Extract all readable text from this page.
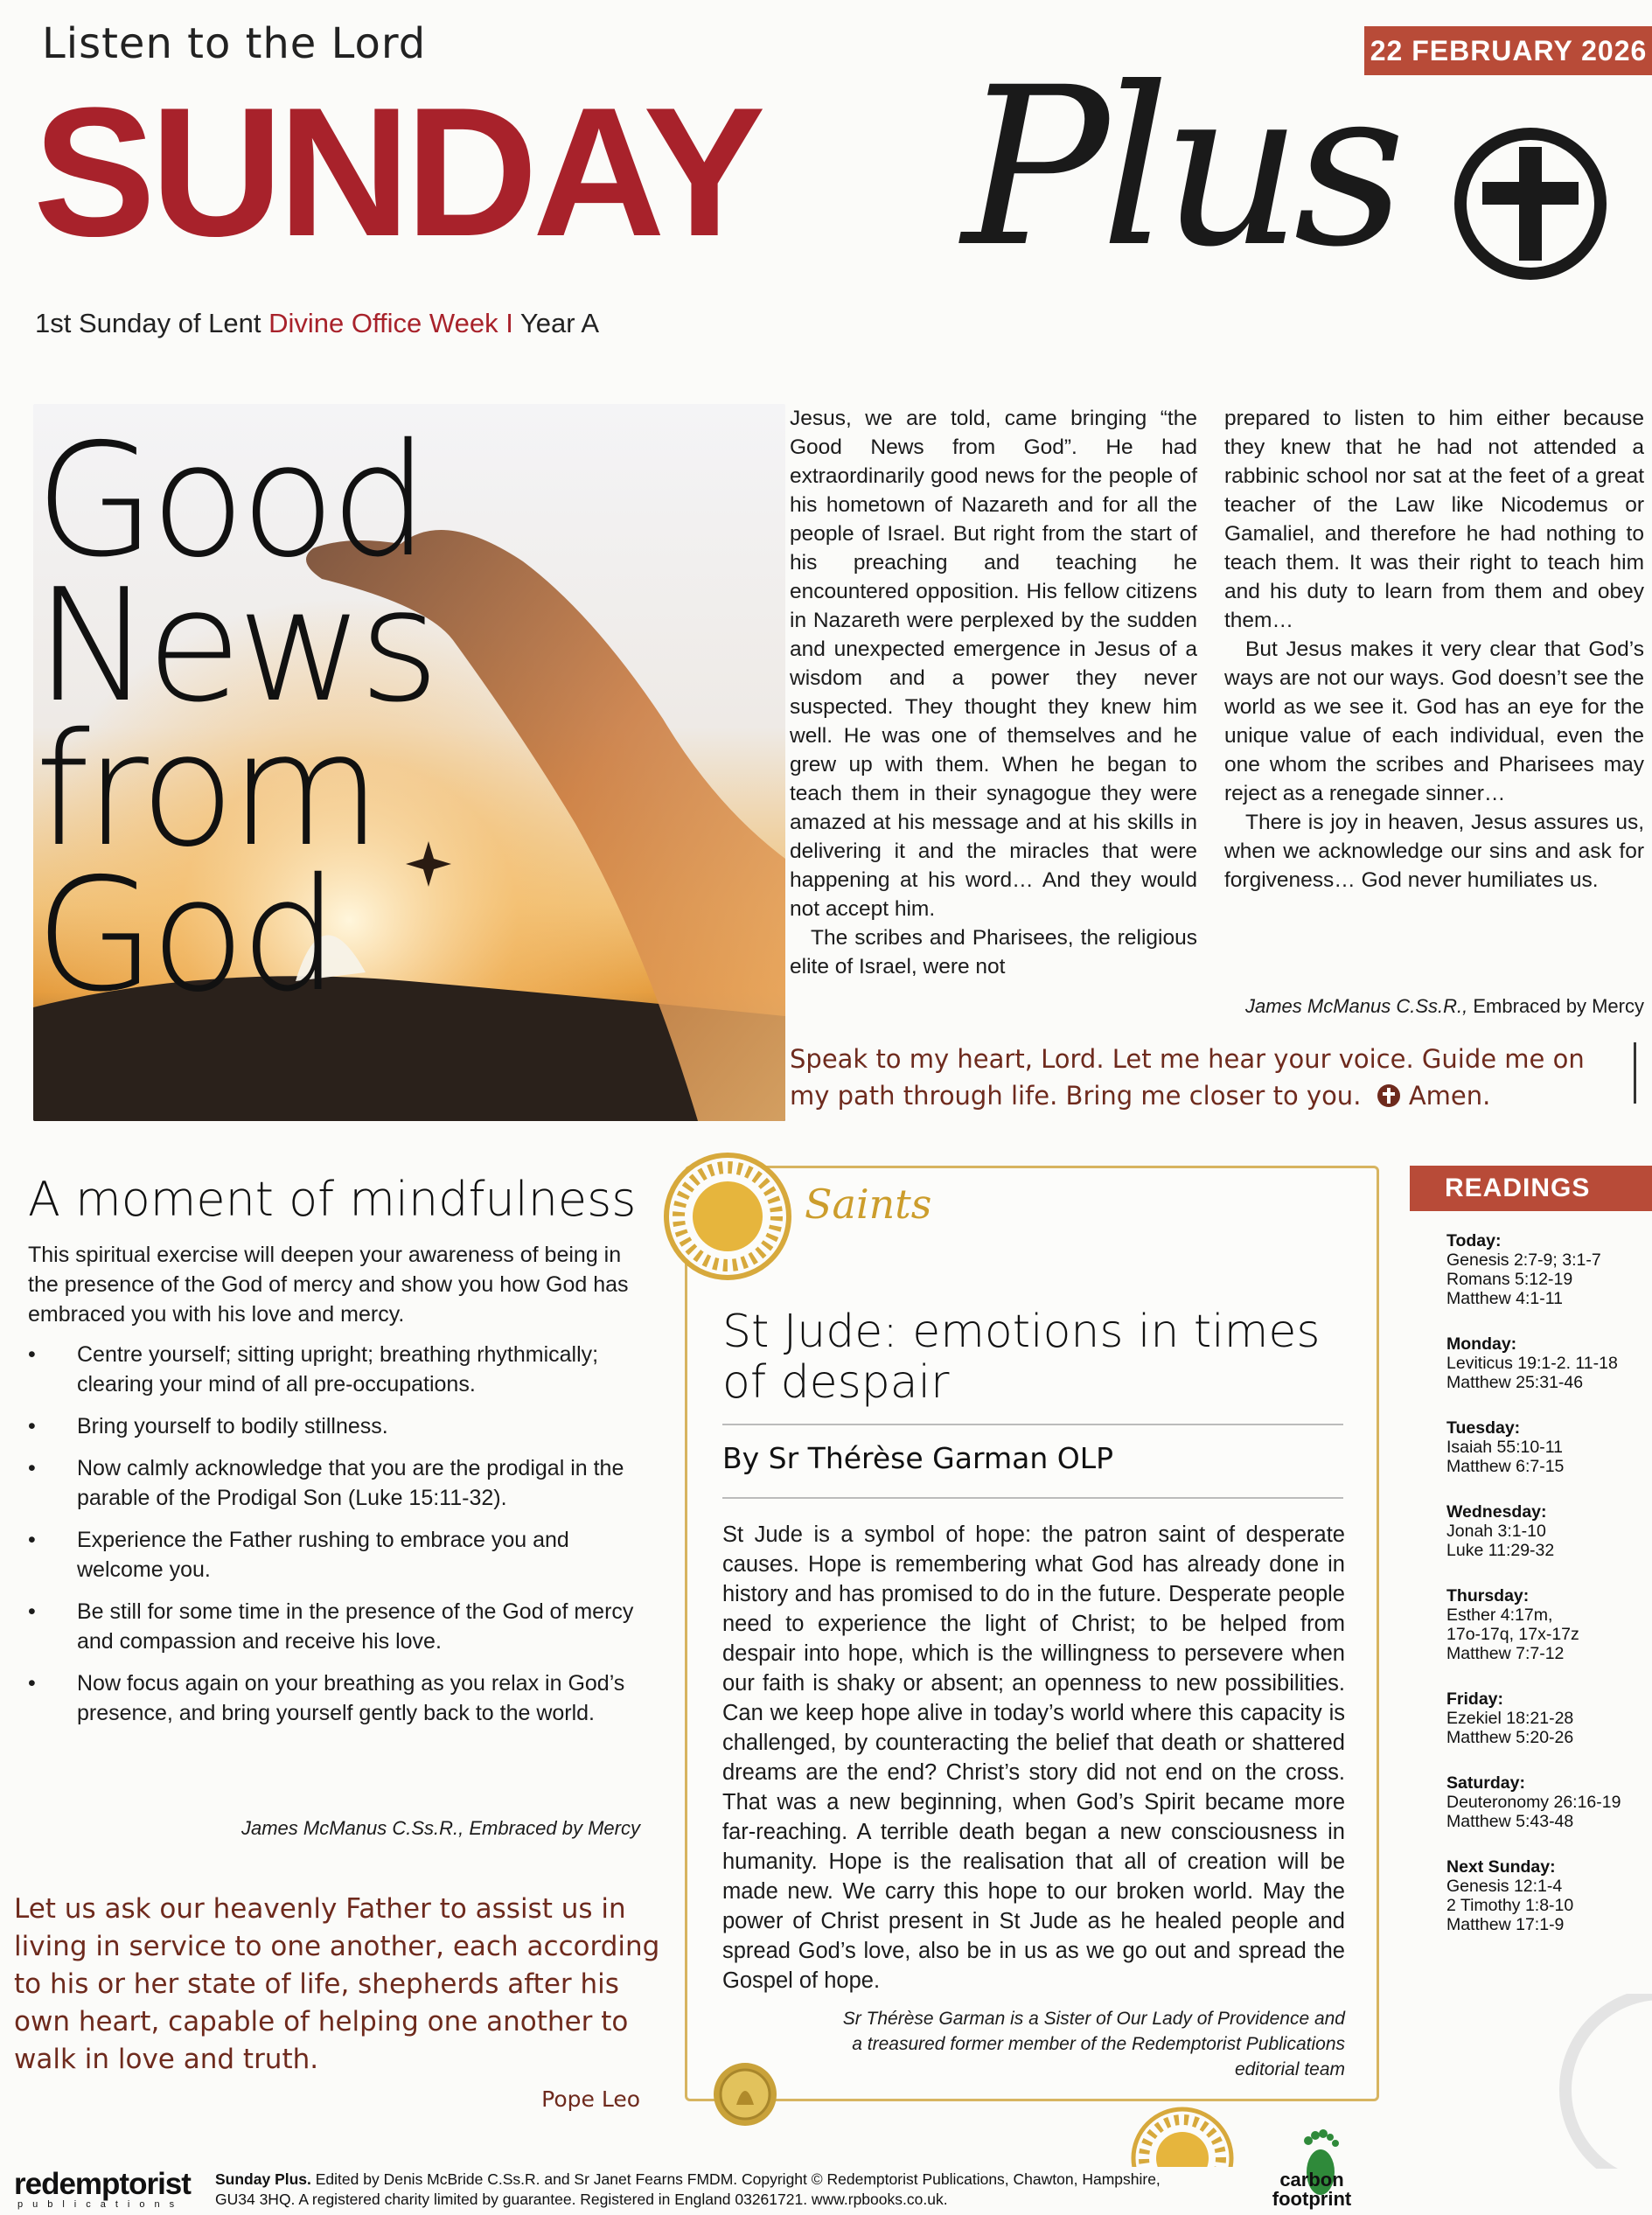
Listen to the Lord	22 FEBRUARY 2026
SUNDAY Plus
1st Sunday of Lent Divine Office Week I Year A
Good
News
from
God

Jesus, we are told, came bringing “the Good News from God”. He had extraordinarily good news for the people of his hometown of Nazareth and for all the people of Israel. But right from the start of his preaching and teaching he encountered opposition. His fellow citizens in Nazareth were perplexed by the sudden and unexpected emergence in Jesus of a wisdom and a power they never suspected. They thought they knew him well. He was one of themselves and he grew up with them. When he began to teach them in their synagogue they were amazed at his message and at his skills in delivering it and the miracles that were happening at his word… And they would not accept him.

The scribes and Pharisees, the religious elite of Israel, were not

prepared to listen to him either because they knew that he had not attended a rabbinic school nor sat at the feet of a great teacher of the Law like Nicodemus or Gamaliel, and therefore he had nothing to teach them. It was their right to teach him and his duty to learn from them and obey them…

But Jesus makes it very clear that God’s ways are not our ways. God doesn’t see the world as we see it. God has an eye for the unique value of each individual, even the one whom the scribes and Pharisees may reject as a renegade sinner…

There is joy in heaven, Jesus assures us, when we acknowledge our sins and ask for forgiveness… God never humiliates us.

James McManus C.Ss.R., Embraced by Mercy
Speak to my heart, Lord. Let me hear your voice. Guide me on my path through life. Bring me closer to you.  Amen.
A moment of mindfulness
This spiritual exercise will deepen your awareness of being in the presence of the God of mercy and show you how God has embraced you with his love and mercy.
• Centre yourself; sitting upright; breathing rhythmically; clearing your mind of all pre-occupations.
• Bring yourself to bodily stillness.
• Now calmly acknowledge that you are the prodigal in the parable of the Prodigal Son (Luke 15:11-32).
• Experience the Father rushing to embrace you and welcome you.
• Be still for some time in the presence of the God of mercy and compassion and receive his love.
• Now focus again on your breathing as you relax in God’s presence, and bring yourself gently back to the world.
James McManus C.Ss.R., Embraced by Mercy
Let us ask our heavenly Father to assist us in living in service to one another, each according to his or her state of life, shepherds after his own heart, capable of helping one another to walk in love and truth.
Pope Leo
Saints
St Jude: emotions in times of despair
By Sr Thérèse Garman OLP
St Jude is a symbol of hope: the patron saint of desperate causes. Hope is remembering what God has already done in history and has promised to do in the future. Desperate people need to experience the light of Christ; to be helped from despair into hope, which is the willingness to persevere when our faith is shaky or absent; an openness to new possibilities. Can we keep hope alive in today’s world where this capacity is challenged, by counteracting the belief that death or shattered dreams are the end? Christ’s story did not end on the cross. That was a new beginning, when God’s Spirit became more far-reaching. A terrible death began a new consciousness in humanity. Hope is the realisation that all of creation will be made new. We carry this hope to our broken world. May the power of Christ present in St Jude as he healed people and spread God’s love, also be in us as we go out and spread the Gospel of hope.
Sr Thérèse Garman is a Sister of Our Lady of Providence and a treasured former member of the Redemptorist Publications editorial team
READINGS
Today:
Genesis 2:7-9; 3:1-7
Romans 5:12-19
Matthew 4:1-11
Monday:
Leviticus 19:1-2. 11-18
Matthew 25:31-46
Tuesday:
Isaiah 55:10-11
Matthew 6:7-15
Wednesday:
Jonah 3:1-10
Luke 11:29-32
Thursday:
Esther 4:17m,
17o-17q, 17x-17z
Matthew 7:7-12
Friday:
Ezekiel 18:21-28
Matthew 5:20-26
Saturday:
Deuteronomy 26:16-19
Matthew 5:43-48
Next Sunday:
Genesis 12:1-4
2 Timothy 1:8-10
Matthew 17:1-9
redemptorist
publications
Sunday Plus. Edited by Denis McBride C.Ss.R. and Sr Janet Fearns FMDM. Copyright © Redemptorist Publications, Chawton, Hampshire, GU34 3HQ. A registered charity limited by guarantee. Registered in England 03261721. www.rpbooks.co.uk.
carbon
footprint
